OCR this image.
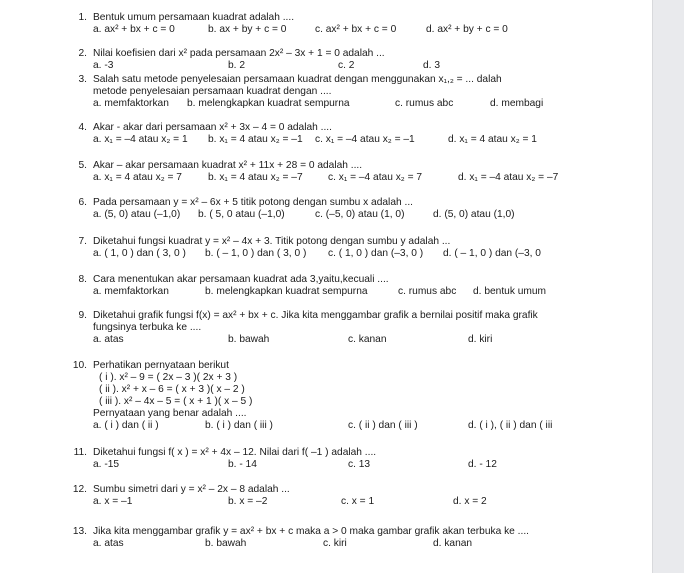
1. Bentuk umum persamaan kuadrat adalah ....
a. ax² + bx + c = 0	b. ax + by + c = 0	c. ax² + bx + c = 0	d. ax² + by + c = 0
2. Nilai koefisien dari x² pada persamaan 2x² – 3x + 1 = 0 adalah ...
a. -3	b. 2	c. 2	d. 3
3. Salah satu metode penyelesaian persamaan kuadrat dengan menggunakan x₁,₂ = ... dalah
metode penyelesaian persamaan kuadrat dengan ....
a. memfaktorkan b. melengkapkan kuadrat sempurna	c. rumus abc	d. membagi
4. Akar - akar dari persamaan x² + 3x – 4 = 0 adalah ....
a. x₁ = –4 atau x₂ = 1 b. x₁ = 4 atau x₂ = –1 c. x₁ = –4 atau x₂ = –1	d. x₁ = 4 atau x₂ = 1
5. Akar – akar persamaan kuadrat x² + 11x + 28 = 0 adalah ....
a. x₁ = 4 atau x₂ = 7	b. x₁ = 4 atau x₂ = –7 c. x₁ = –4 atau x₂ = 7	d. x₁ = –4 atau x₂ = –7
6. Pada persamaan y = x² – 6x + 5 titik potong dengan sumbu x adalah ...
a. (5, 0) atau (–1,0) b. ( 5, 0 atau (–1,0)	c. (–5, 0) atau (1, 0)	d. (5, 0) atau (1,0)
7. Diketahui fungsi kuadrat y = x² – 4x + 3. Titik potong dengan sumbu y adalah ...
a. ( 1, 0 ) dan ( 3, 0 ) b. ( – 1, 0 ) dan ( 3, 0 ) c. ( 1, 0 ) dan (–3, 0 ) d. ( – 1, 0 ) dan (–3, 0
8. Cara menentukan akar persamaan kuadrat ada 3,yaitu,kecuali ....
a. memfaktorkan	b. melengkapkan kuadrat sempurna	c. rumus abc d. bentuk umum
9. Diketahui grafik fungsi f(x) = ax² + bx + c. Jika kita menggambar grafik a bernilai positif maka grafik
fungsinya terbuka ke ....
a. atas	b. bawah	c. kanan	d. kiri
10. Perhatikan pernyataan berikut
( i ). x² – 9 = ( 2x – 3 )( 2x + 3 )
( ii ). x² + x – 6 = ( x + 3 )( x – 2 )
( iii ). x² – 4x – 5 = ( x + 1 )( x – 5 )
Pernyataan yang benar adalah ....
a. ( i ) dan ( ii )	b. ( i ) dan ( iii )	c. ( ii ) dan ( iii )	d. ( i ), ( ii ) dan ( iii
11. Diketahui fungsi f( x ) = x² + 4x – 12. Nilai dari f( –1 ) adalah ....
a. -15	b. - 14	c. 13	d. - 12
12. Sumbu simetri dari y = x² – 2x – 8 adalah ...
a. x = –1	b. x = –2	c. x = 1	d. x = 2
13. Jika kita menggambar grafik y = ax² + bx + c maka a > 0 maka gambar grafik akan terbuka ke ....
a. atas	b. bawah	c. kiri	d. kanan
